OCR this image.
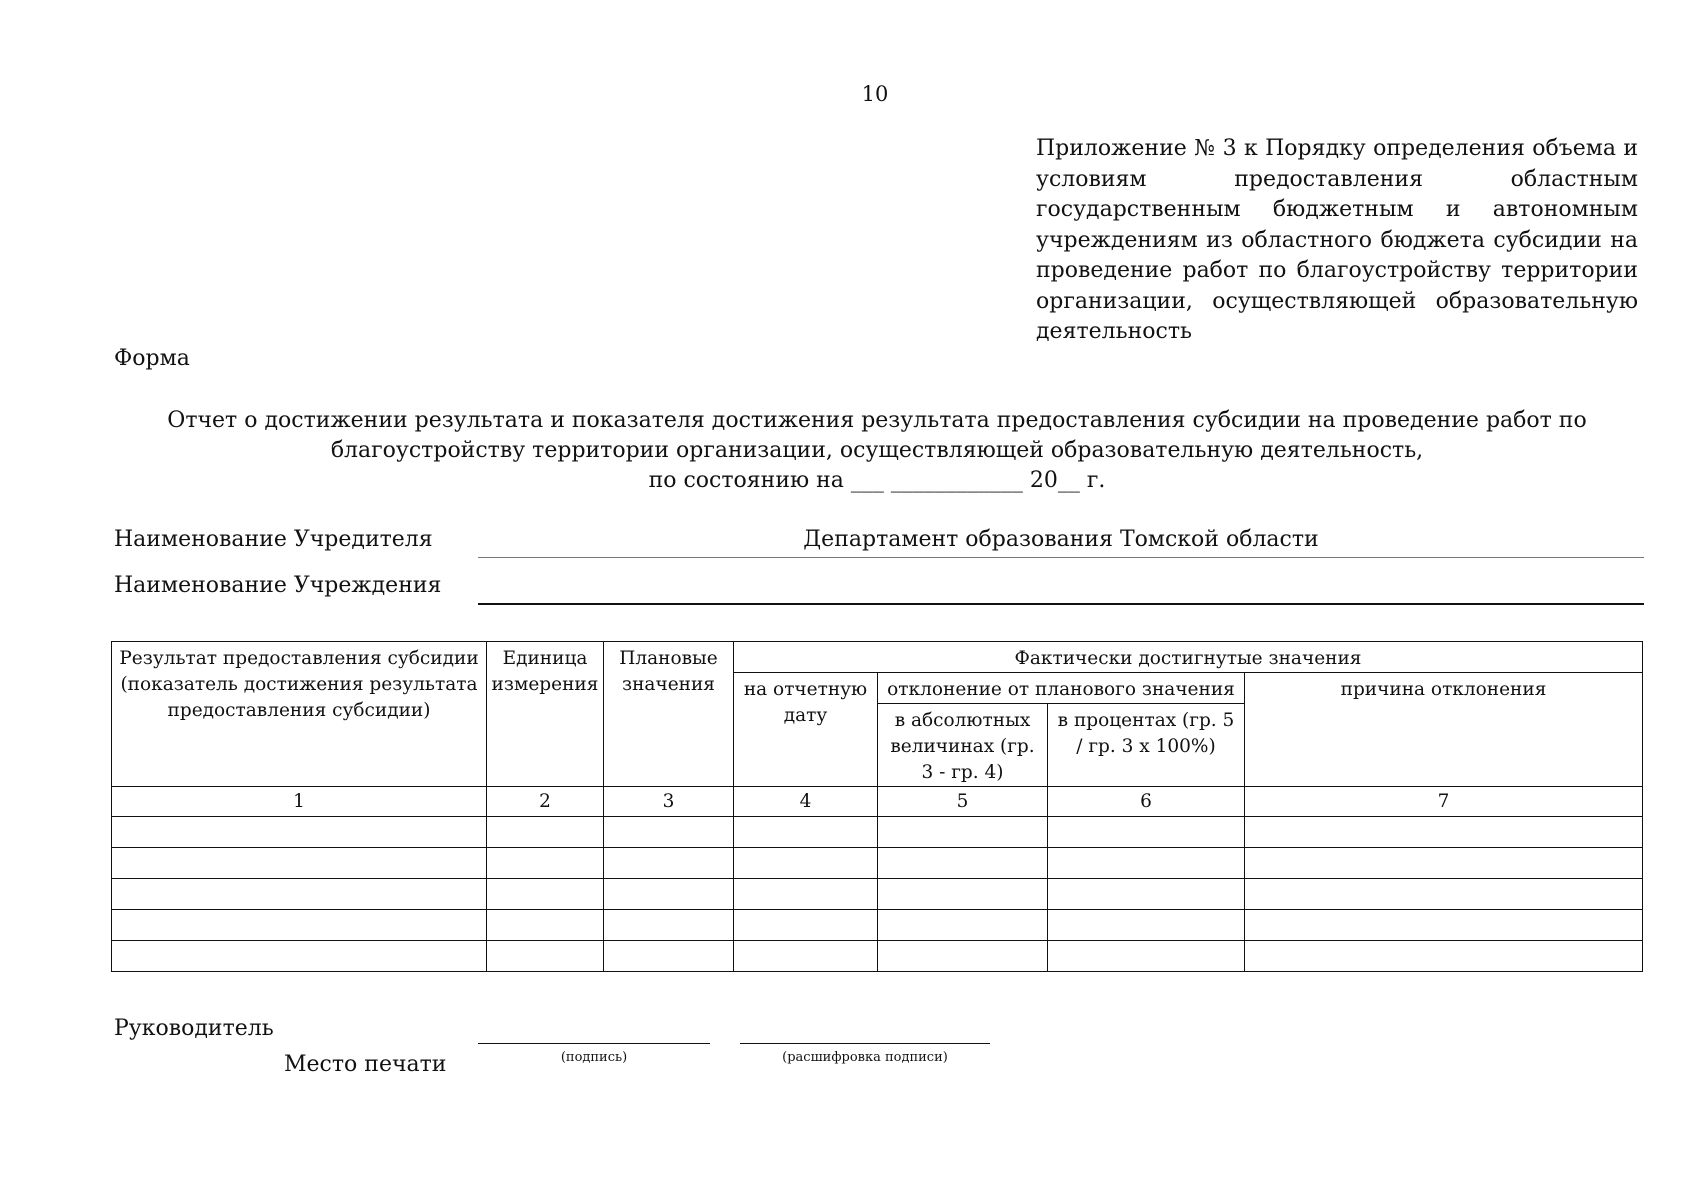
10
Приложение № 3 к Порядку определения объема и условиям предоставления областным государственным бюджетным и автономным учреждениям из областного бюджета субсидии на проведение работ по благоустройству территории организации, осуществляющей образовательную деятельность
Форма
Отчет о достижении результата и показателя достижения результата предоставления субсидии на проведение работ по
благоустройству территории организации, осуществляющей образовательную деятельность,
по состоянию на ___ ____________ 20__ г.
Наименование Учредителя	Департамент образования Томской области
Наименование Учреждения
Результат предоставления субсидии (показатель достижения результата предоставления субсидии)	Единица измерения	Плановые значения	Фактически достигнутые значения			
			на отчетную дату	отклонение от планового значения		причина отклонения
				в абсолютных величинах (гр. 3 - гр. 4)	в процентах (гр. 5 / гр. 3 x 100%)	
1	2	3	4	5	6	7

Руководитель
Место печати	(подпись)	(расшифровка подписи)
